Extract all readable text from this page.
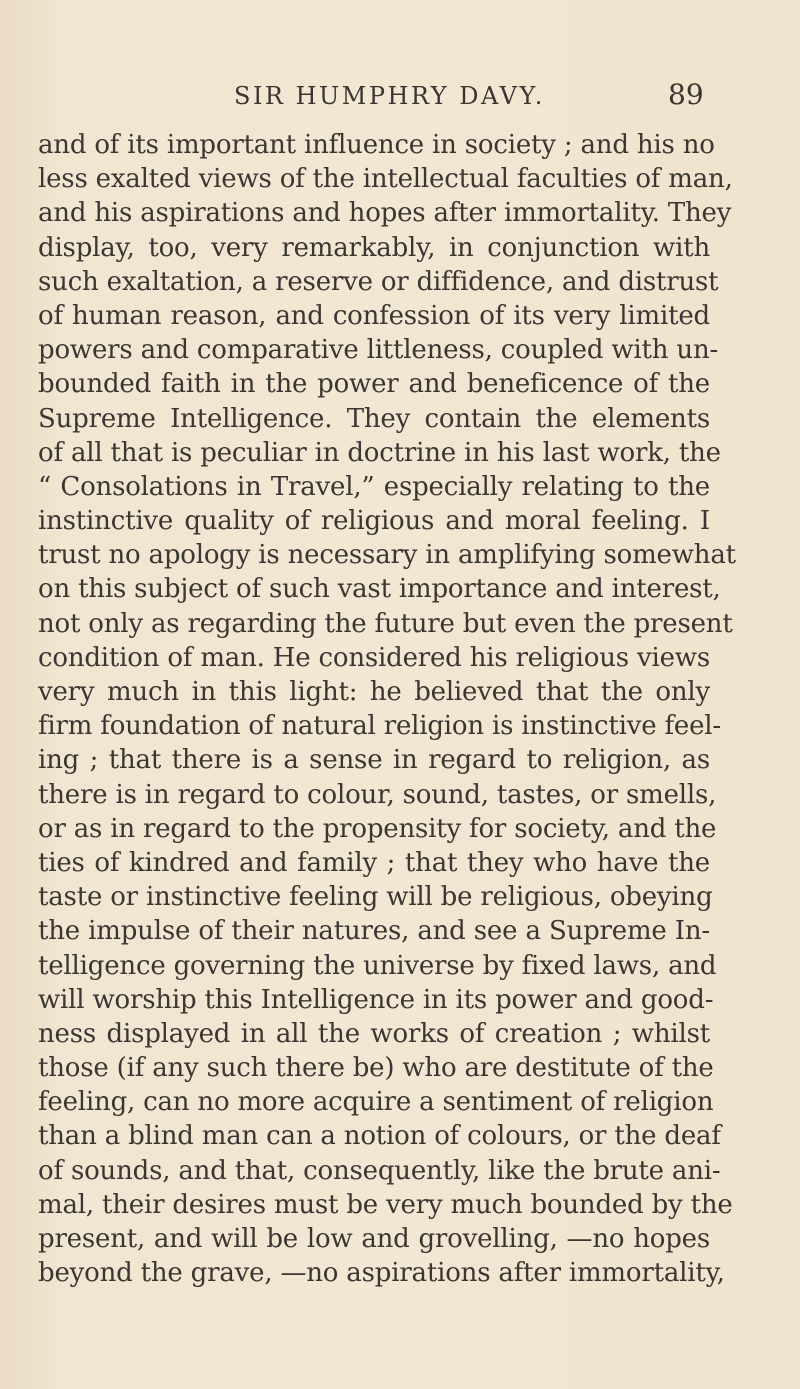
SIR HUMPHRY DAVY.	89
and of its important influence in society ; and his no
less exalted views of the intellectual faculties of man,
and his aspirations and hopes after immortality. They
display, too, very remarkably, in conjunction with
such exaltation, a reserve or diffidence, and distrust
of human reason, and confession of its very limited
powers and comparative littleness, coupled with un-
bounded faith in the power and beneficence of the
Supreme Intelligence. They contain the elements
of all that is peculiar in doctrine in his last work, the
“ Consolations in Travel,” especially relating to the
instinctive quality of religious and moral feeling. I
trust no apology is necessary in amplifying somewhat
on this subject of such vast importance and interest,
not only as regarding the future but even the present
condition of man. He considered his religious views
very much in this light: he believed that the only
firm foundation of natural religion is instinctive feel-
ing ; that there is a sense in regard to religion, as
there is in regard to colour, sound, tastes, or smells,
or as in regard to the propensity for society, and the
ties of kindred and family ; that they who have the
taste or instinctive feeling will be religious, obeying
the impulse of their natures, and see a Supreme In-
telligence governing the universe by fixed laws, and
will worship this Intelligence in its power and good-
ness displayed in all the works of creation ; whilst
those (if any such there be) who are destitute of the
feeling, can no more acquire a sentiment of religion
than a blind man can a notion of colours, or the deaf
of sounds, and that, consequently, like the brute ani-
mal, their desires must be very much bounded by the
present, and will be low and grovelling, —no hopes
beyond the grave, —no aspirations after immortality,
